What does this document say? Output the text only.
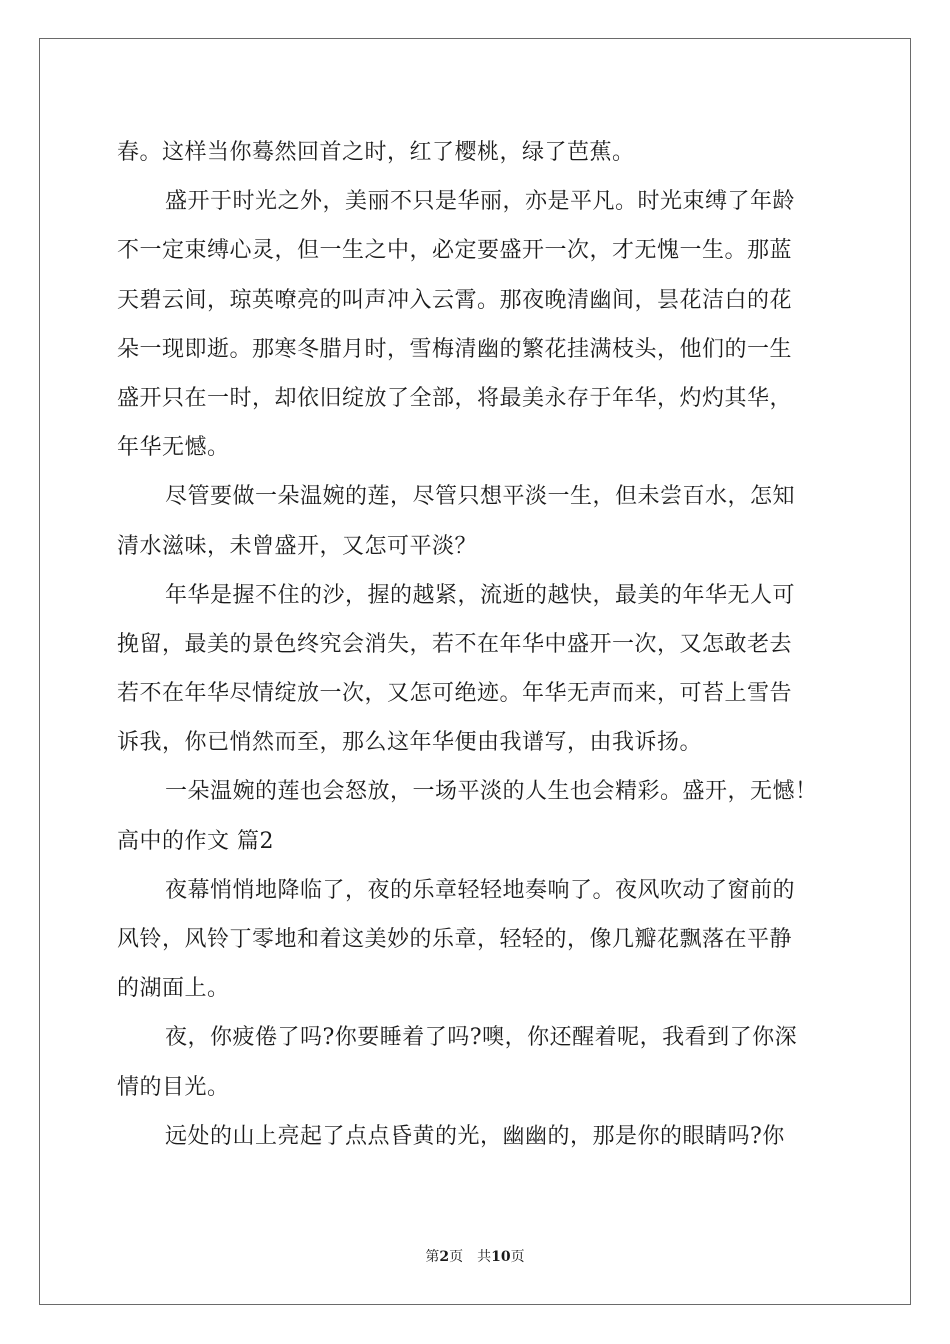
春。这样当你蓦然回首之时，红了樱桃，绿了芭蕉。
盛开于时光之外，美丽不只是华丽，亦是平凡。时光束缚了年龄
不一定束缚心灵，但一生之中，必定要盛开一次，才无愧一生。那蓝
天碧云间，琼英嘹亮的叫声冲入云霄。那夜晚清幽间，昙花洁白的花
朵一现即逝。那寒冬腊月时，雪梅清幽的繁花挂满枝头，他们的一生
盛开只在一时，却依旧绽放了全部，将最美永存于年华，灼灼其华，
年华无憾。
尽管要做一朵温婉的莲，尽管只想平淡一生，但未尝百水，怎知
清水滋味，未曾盛开，又怎可平淡？
年华是握不住的沙，握的越紧，流逝的越快，最美的年华无人可
挽留，最美的景色终究会消失，若不在年华中盛开一次，又怎敢老去
若不在年华尽情绽放一次，又怎可绝迹。年华无声而来，可苔上雪告
诉我，你已悄然而至，那么这年华便由我谱写，由我诉扬。
一朵温婉的莲也会怒放，一场平淡的人生也会精彩。盛开，无憾！
高中的作文 篇2
夜幕悄悄地降临了，夜的乐章轻轻地奏响了。夜风吹动了窗前的
风铃，风铃丁零地和着这美妙的乐章，轻轻的，像几瓣花飘落在平静
的湖面上。
夜，你疲倦了吗?你要睡着了吗?噢，你还醒着呢，我看到了你深
情的目光。
远处的山上亮起了点点昏黄的光，幽幽的，那是你的眼睛吗?你
第2页　共10页
